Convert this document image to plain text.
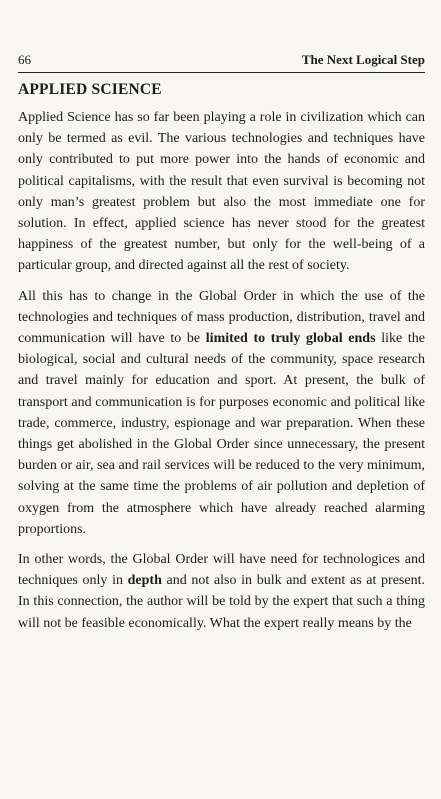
66	The Next Logical Step
APPLIED SCIENCE

Applied Science has so far been playing a role in civilization which can only be termed as evil. The various technologies and techniques have only contributed to put more power into the hands of economic and political capitalisms, with the result that even survival is becoming not only man’s greatest problem but also the most immediate one for solution. In effect, applied science has never stood for the greatest happiness of the greatest number, but only for the well-being of a particular group, and directed against all the rest of society.

All this has to change in the Global Order in which the use of the technologies and techniques of mass production, distribution, travel and communication will have to be limited to truly global ends like the biological, social and cultural needs of the community, space research and travel mainly for education and sport. At present, the bulk of transport and communication is for purposes economic and political like trade, commerce, industry, espionage and war preparation. When these things get abolished in the Global Order since unnecessary, the present burden or air, sea and rail services will be reduced to the very minimum, solving at the same time the problems of air pollution and depletion of oxygen from the atmosphere which have already reached alarming proportions.

In other words, the Global Order will have need for technologices and techniques only in depth and not also in bulk and extent as at present. In this connection, the author will be told by the expert that such a thing will not be feasible economically. What the expert really means by the
